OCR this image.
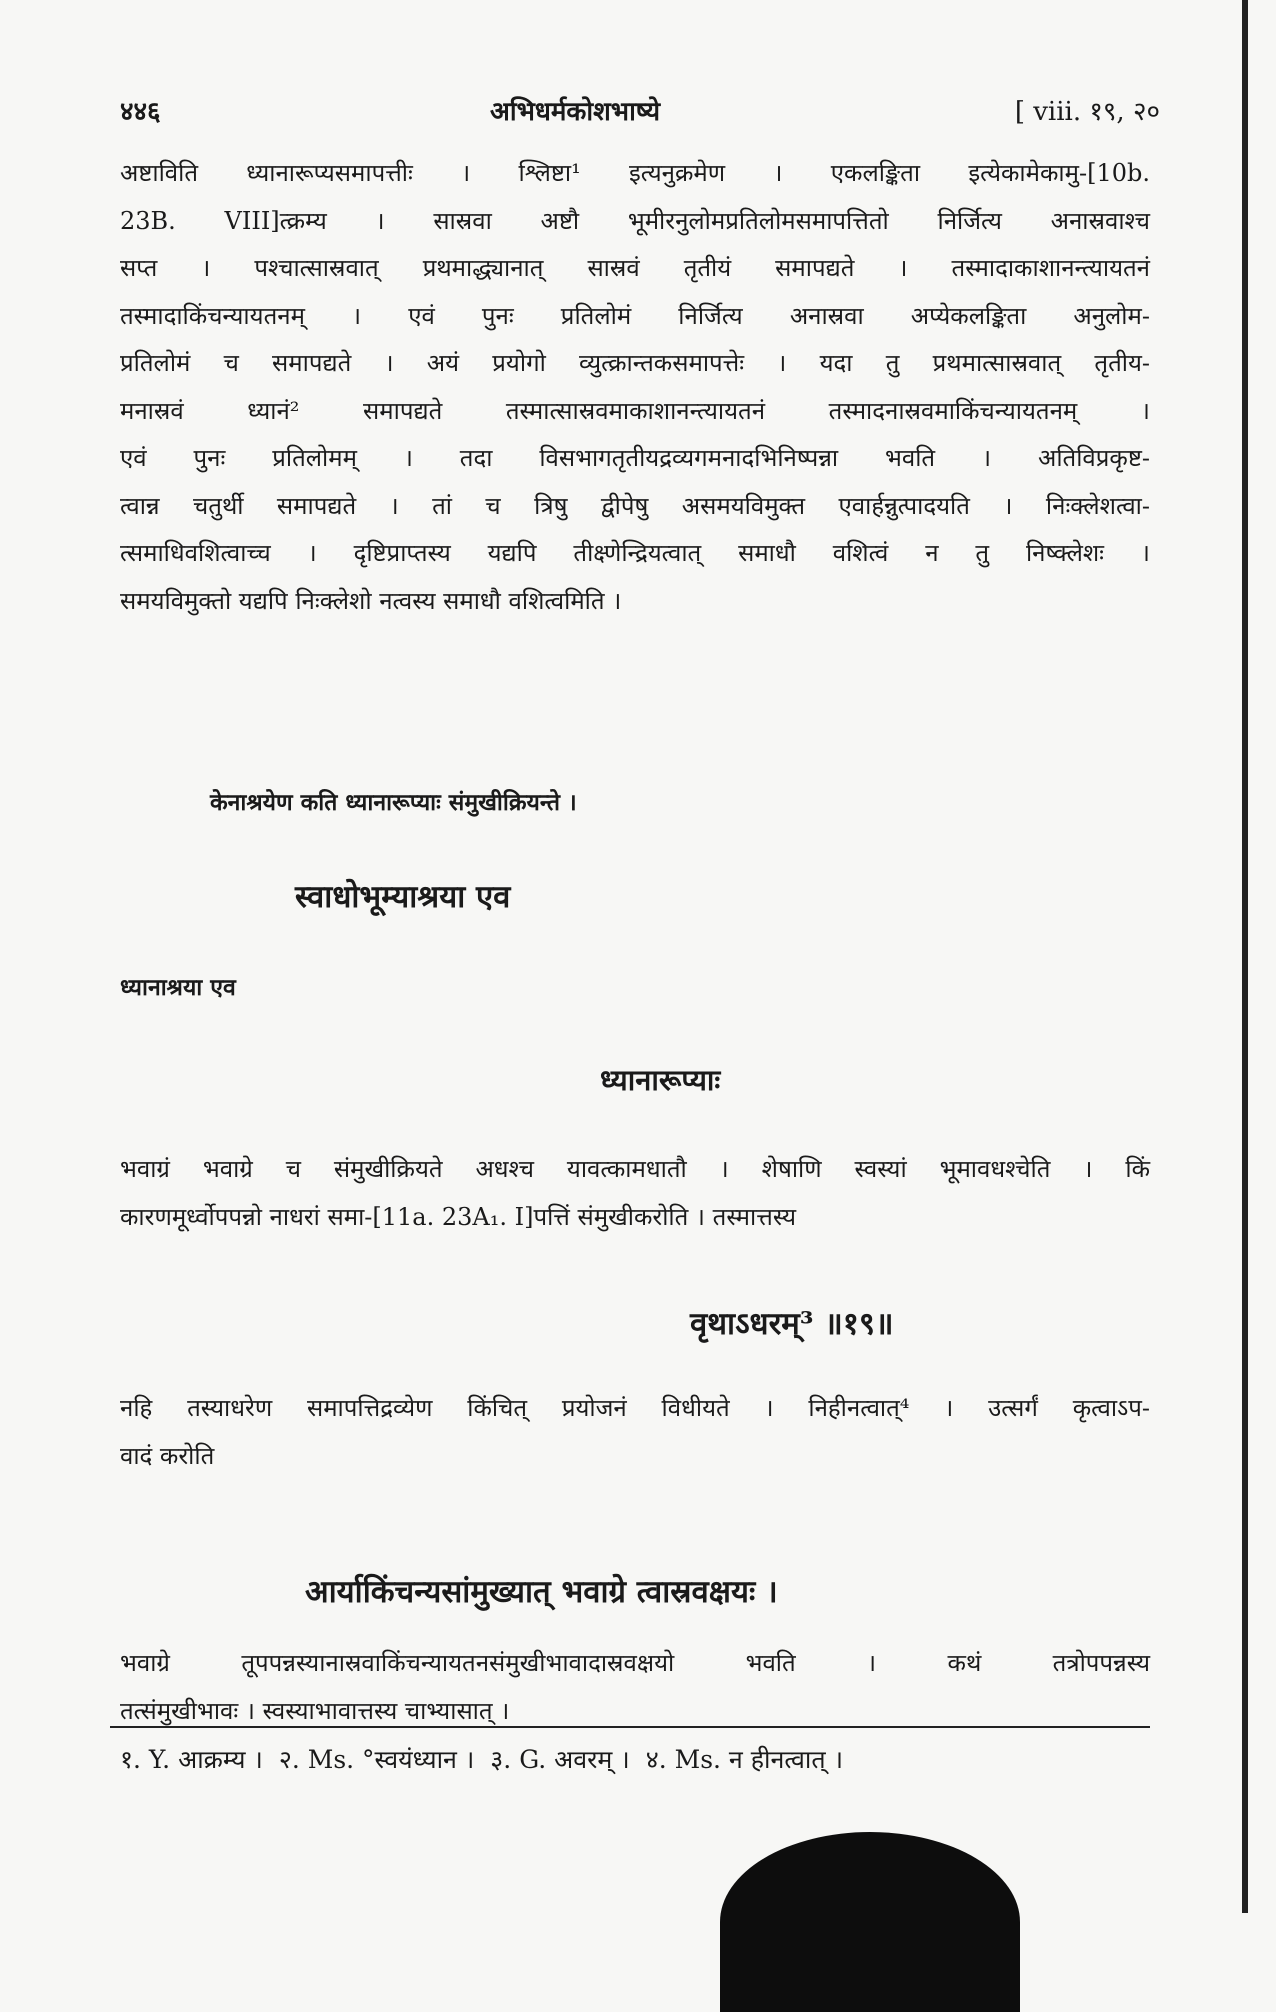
४४६	अभिधर्मकोशभाष्ये	[ viii. १९, २०
अष्टाविति ध्यानारूप्यसमापत्तीः । श्लिष्टा¹ इत्यनुक्रमेण । एकलङ्किता इत्येकामेकामु-[10b.
23B. VIII]त्क्रम्य । सास्रवा अष्टौ भूमीरनुलोमप्रतिलोमसमापत्तितो निर्जित्य अनास्रवाश्च
सप्त । पश्चात्सास्रवात् प्रथमाद्ध्यानात् सास्रवं तृतीयं समापद्यते । तस्मादाकाशानन्त्यायतनं
तस्मादाकिंचन्यायतनम् । एवं पुनः प्रतिलोमं निर्जित्य अनास्रवा अप्येकलङ्किता अनुलोम-
प्रतिलोमं च समापद्यते । अयं प्रयोगो व्युत्क्रान्तकसमापत्तेः । यदा तु प्रथमात्सास्रवात् तृतीय-
मनास्रवं ध्यानं² समापद्यते तस्मात्सास्रवमाकाशानन्त्यायतनं तस्मादनास्रवमाकिंचन्यायतनम् ।
एवं पुनः प्रतिलोमम् । तदा विसभागतृतीयद्रव्यगमनादभिनिष्पन्ना भवति । अतिविप्रकृष्ट-
त्वान्न चतुर्थी समापद्यते । तां च त्रिषु द्वीपेषु असमयविमुक्त एवार्हन्नुत्पादयति । निःक्लेशत्वा-
त्समाधिवशित्वाच्च । दृष्टिप्राप्तस्य यद्यपि तीक्ष्णेन्द्रियत्वात् समाधौ वशित्वं न तु निष्क्लेशः ।
समयविमुक्तो यद्यपि निःक्लेशो नत्वस्य समाधौ वशित्वमिति ।
केनाश्रयेण कति ध्यानारूप्याः संमुखीक्रियन्ते ।
स्वाधोभूम्याश्रया एव
ध्यानाश्रया एव
ध्यानारूप्याः
भवाग्रं भवाग्रे च संमुखीक्रियते अधश्च यावत्कामधातौ । शेषाणि स्वस्यां भूमावधश्चेति । किं
कारणमूर्ध्वोपपन्नो नाधरां समा-[11a. 23A₁. I]पत्तिं संमुखीकरोति । तस्मात्तस्य
वृथाऽधरम्³ ॥१९॥
नहि तस्याधरेण समापत्तिद्रव्येण किंचित् प्रयोजनं विधीयते । निहीनत्वात्⁴ । उत्सर्गं कृत्वाऽप-
वादं करोति
आर्याकिंचन्यसांमुख्यात् भवाग्रे त्वास्रवक्षयः ।
भवाग्रे तूपपन्नस्यानास्रवाकिंचन्यायतनसंमुखीभावादास्रवक्षयो भवति । कथं तत्रोपपन्नस्य
तत्संमुखीभावः । स्वस्याभावात्तस्य चाभ्यासात् ।
१. Y. आक्रम्य । २. Ms. °स्वयंध्यान । ३. G. अवरम् । ४. Ms. न हीनत्वात् ।
